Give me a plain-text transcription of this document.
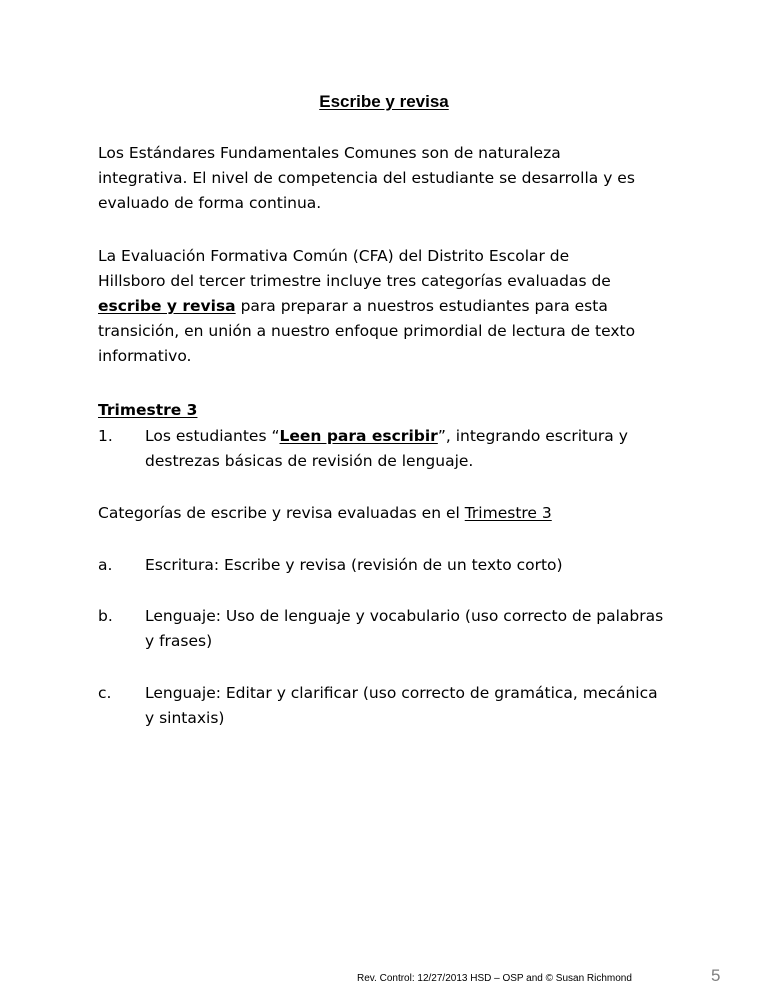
Escribe y revisa
Los Estándares Fundamentales Comunes son de naturaleza integrativa. El nivel de competencia del estudiante se desarrolla y es evaluado de forma continua.
La Evaluación Formativa Común (CFA) del Distrito Escolar de Hillsboro del tercer trimestre incluye tres categorías evaluadas de escribe y revisa para preparar a nuestros estudiantes para esta transición, en unión a nuestro enfoque primordial de lectura de texto informativo.
Trimestre 3
1. Los estudiantes “Leen para escribir”, integrando escritura y destrezas básicas de revisión de lenguaje.
Categorías de escribe y revisa evaluadas en el Trimestre 3
a. Escritura: Escribe y revisa (revisión de un texto corto)
b. Lenguaje: Uso de lenguaje y vocabulario (uso correcto de palabras y frases)
c. Lenguaje: Editar y clarificar (uso correcto de gramática, mecánica y sintaxis)
Rev. Control: 12/27/2013 HSD – OSP and © Susan Richmond	5
